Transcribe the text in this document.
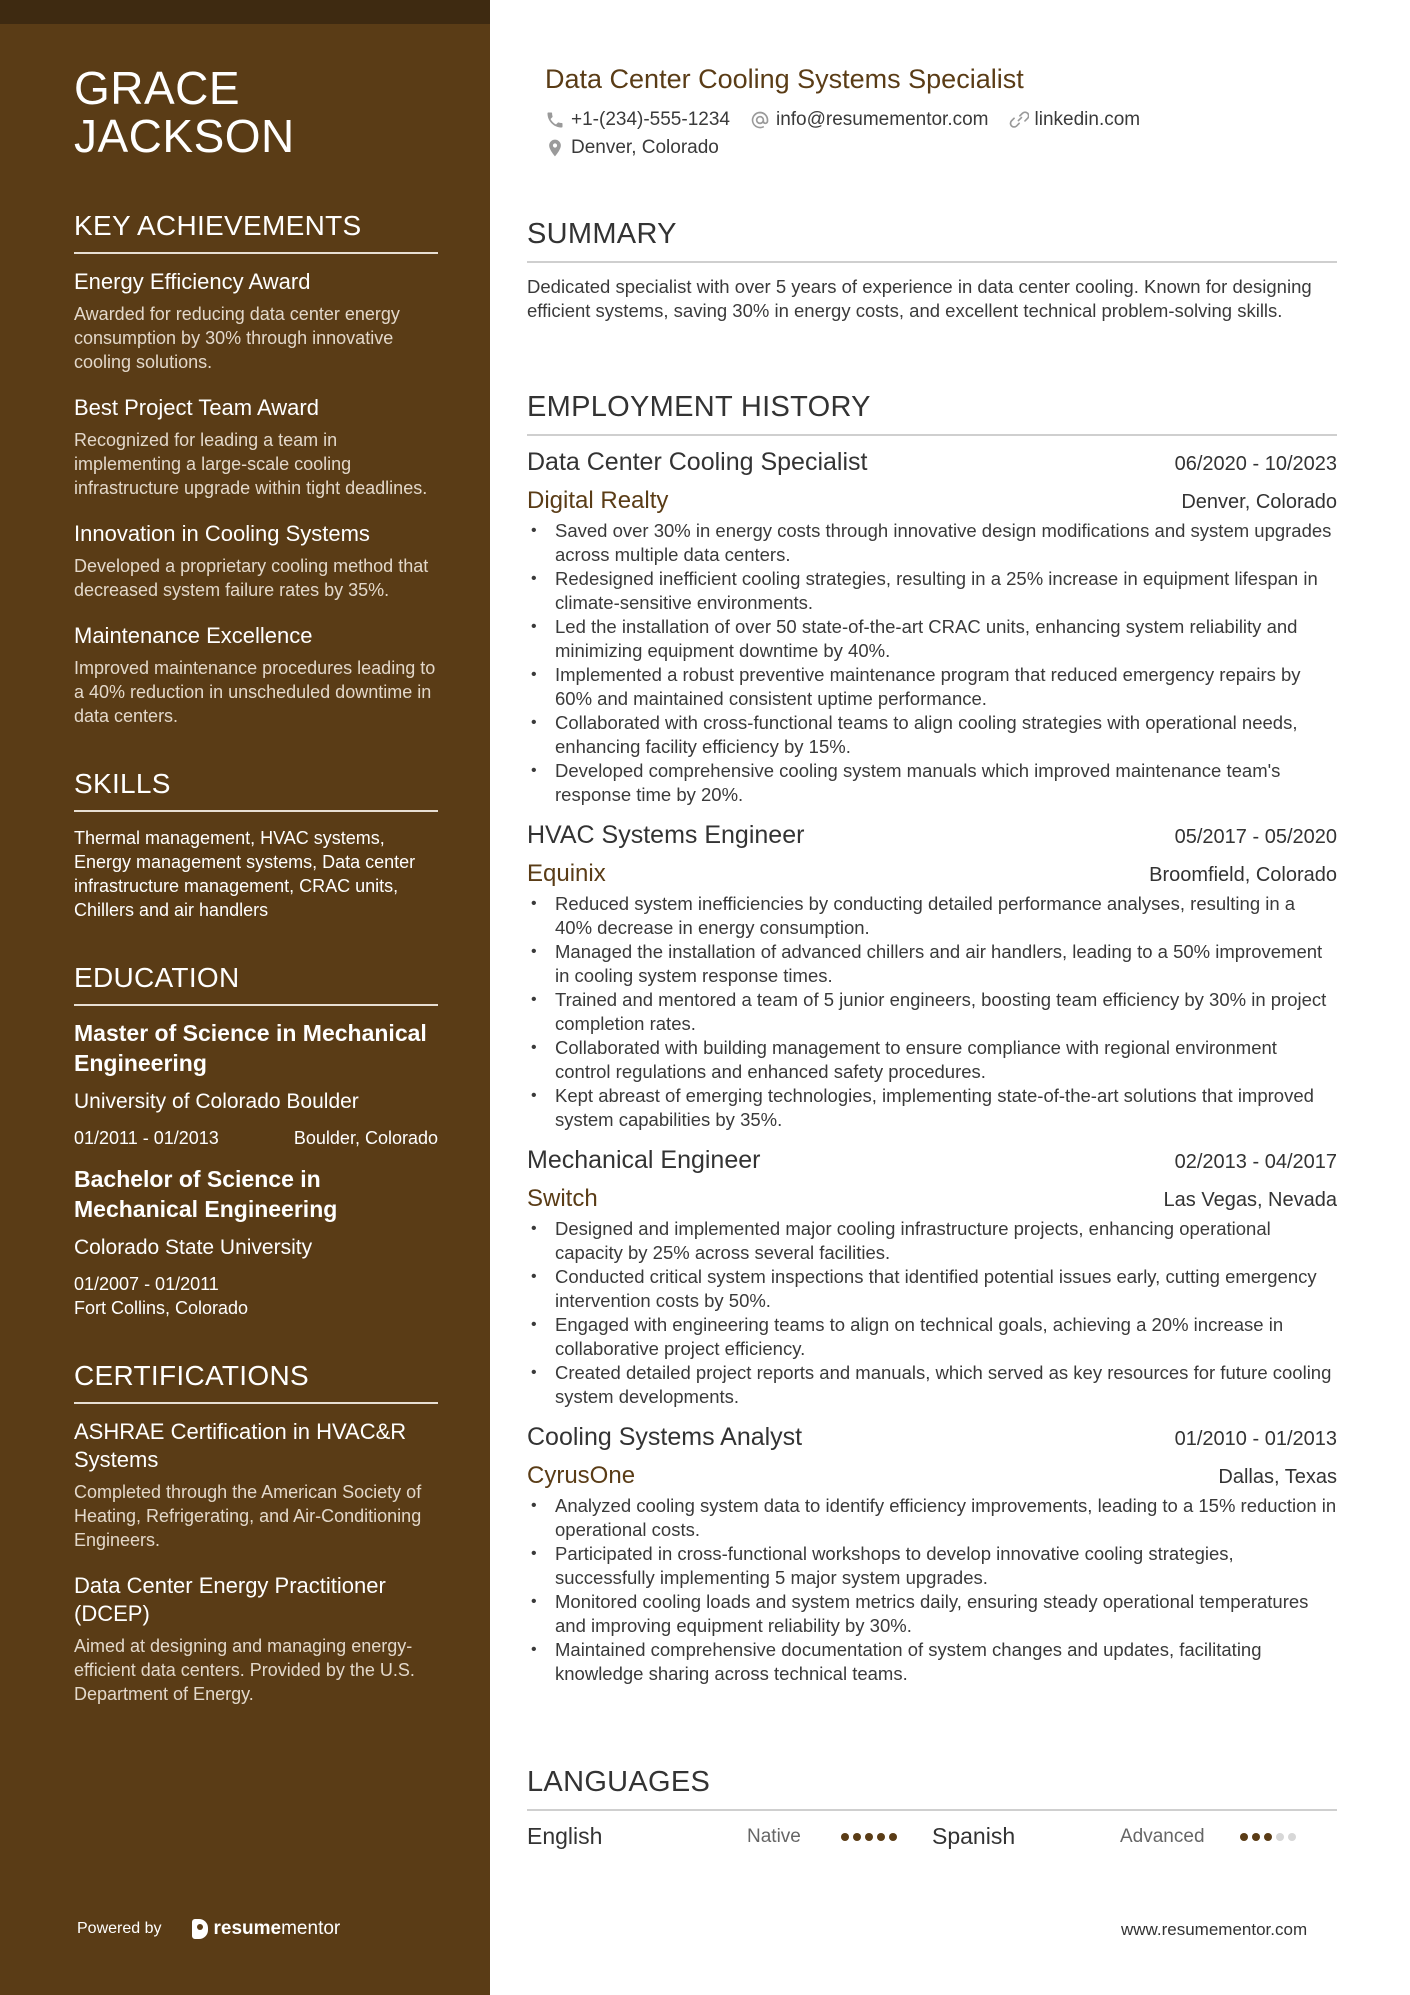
GRACE
JACKSON
KEY ACHIEVEMENTS
Energy Efficiency Award
Awarded for reducing data center energy consumption by 30% through innovative cooling solutions.
Best Project Team Award
Recognized for leading a team in implementing a large-scale cooling infrastructure upgrade within tight deadlines.
Innovation in Cooling Systems
Developed a proprietary cooling method that decreased system failure rates by 35%.
Maintenance Excellence
Improved maintenance procedures leading to a 40% reduction in unscheduled downtime in data centers.
SKILLS
Thermal management, HVAC systems, Energy management systems, Data center infrastructure management, CRAC units, Chillers and air handlers
EDUCATION
Master of Science in Mechanical Engineering
University of Colorado Boulder
01/2011 - 01/2013	Boulder, Colorado
Bachelor of Science in Mechanical Engineering
Colorado State University
01/2007 - 01/2011
Fort Collins, Colorado
CERTIFICATIONS
ASHRAE Certification in HVAC&R Systems
Completed through the American Society of Heating, Refrigerating, and Air-Conditioning Engineers.
Data Center Energy Practitioner (DCEP)
Aimed at designing and managing energy-efficient data centers. Provided by the U.S. Department of Energy.
Powered by	resumementor
Data Center Cooling Systems Specialist
+1-(234)-555-1234 info@resumementor.com linkedin.com
Denver, Colorado
SUMMARY
Dedicated specialist with over 5 years of experience in data center cooling. Known for designing efficient systems, saving 30% in energy costs, and excellent technical problem-solving skills.
EMPLOYMENT HISTORY
Data Center Cooling Specialist	06/2020 - 10/2023
Digital Realty	Denver, Colorado
• Saved over 30% in energy costs through innovative design modifications and system upgrades across multiple data centers.
• Redesigned inefficient cooling strategies, resulting in a 25% increase in equipment lifespan in climate-sensitive environments.
• Led the installation of over 50 state-of-the-art CRAC units, enhancing system reliability and minimizing equipment downtime by 40%.
• Implemented a robust preventive maintenance program that reduced emergency repairs by 60% and maintained consistent uptime performance.
• Collaborated with cross-functional teams to align cooling strategies with operational needs, enhancing facility efficiency by 15%.
• Developed comprehensive cooling system manuals which improved maintenance team's response time by 20%.
HVAC Systems Engineer	05/2017 - 05/2020
Equinix	Broomfield, Colorado
• Reduced system inefficiencies by conducting detailed performance analyses, resulting in a 40% decrease in energy consumption.
• Managed the installation of advanced chillers and air handlers, leading to a 50% improvement in cooling system response times.
• Trained and mentored a team of 5 junior engineers, boosting team efficiency by 30% in project completion rates.
• Collaborated with building management to ensure compliance with regional environment control regulations and enhanced safety procedures.
• Kept abreast of emerging technologies, implementing state-of-the-art solutions that improved system capabilities by 35%.
Mechanical Engineer	02/2013 - 04/2017
Switch	Las Vegas, Nevada
• Designed and implemented major cooling infrastructure projects, enhancing operational capacity by 25% across several facilities.
• Conducted critical system inspections that identified potential issues early, cutting emergency intervention costs by 50%.
• Engaged with engineering teams to align on technical goals, achieving a 20% increase in collaborative project efficiency.
• Created detailed project reports and manuals, which served as key resources for future cooling system developments.
Cooling Systems Analyst	01/2010 - 01/2013
CyrusOne	Dallas, Texas
• Analyzed cooling system data to identify efficiency improvements, leading to a 15% reduction in operational costs.
• Participated in cross-functional workshops to develop innovative cooling strategies, successfully implementing 5 major system upgrades.
• Monitored cooling loads and system metrics daily, ensuring steady operational temperatures and improving equipment reliability by 30%.
• Maintained comprehensive documentation of system changes and updates, facilitating knowledge sharing across technical teams.
LANGUAGES
English	Native	Spanish	Advanced
www.resumementor.com
